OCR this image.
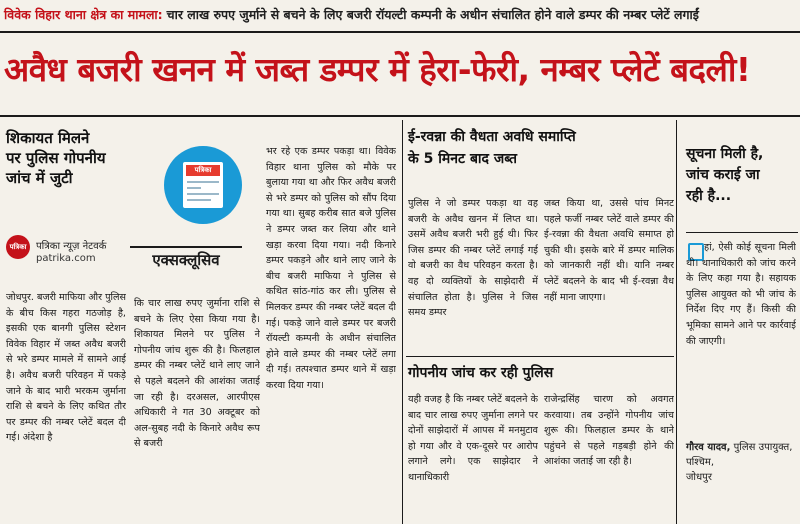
विवेक विहार थाना क्षेत्र का मामला: चार लाख रुपए जुर्माने से बचने के लिए बजरी रॉयल्टी कम्पनी के अधीन संचालित होने वाले डम्पर की नम्बर प्लेटें लगाईं
अवैध बजरी खनन में जब्त डम्पर में हेरा-फेरी, नम्बर प्लेटें बदली!
शिकायत मिलने
पर पुलिस गोपनीय
जांच में जुटी
पत्रिका पत्रिका न्यूज़ नेटवर्क
patrika.com
जोधपुर. बजरी माफिया और पुलिस के बीच किस गहरा गठजोड़ है, इसकी एक बानगी पुलिस स्टेशन विवेक विहार में जब्त अवैध बजरी से भरे डम्पर मामले में सामने आई है। अवैध बजरी परिवहन में पकड़े जाने के बाद भारी भरकम जुर्माना राशि से बचने के लिए कथित तौर पर डम्पर की नम्बर प्लेटें बदल दी गई। अंदेशा है
पत्रिका
एक्सक्लूसिव
कि चार लाख रुपए जुर्माना राशि से बचने के लिए ऐसा किया गया है। शिकायत मिलने पर पुलिस ने गोपनीय जांच शुरू की है। फिलहाल डम्पर की नम्बर प्लेटें थाने लाए जाने से पहले बदलने की आशंका जताई जा रही है। दरअसल, आरपीएस अधिकारी ने गत 30 अक्टूबर को अल-सुबह नदी के किनारे अवैध रूप से बजरी
भर रहे एक डम्पर पकड़ा था। विवेक विहार थाना पुलिस को मौके पर बुलाया गया था और फिर अवैध बजरी से भरे डम्पर को पुलिस को सौंप दिया गया था। सुबह करीब सात बजे पुलिस ने डम्पर जब्त कर लिया और थाने खड़ा करवा दिया गया। नदी किनारे डम्पर पकड़ने और थाने लाए जाने के बीच बजरी माफिया ने पुलिस से कथित सांठ-गांठ कर ली। पुलिस से मिलकर डम्पर की नम्बर प्लेटें बदल दी गई। पकड़े जाने वाले डम्पर पर बजरी रॉयल्टी कम्पनी के अधीन संचालित होने वाले डम्पर की नम्बर प्लेटें लगा दी गई। तत्पश्चात डम्पर थाने में खड़ा करवा दिया गया।
ई-रवन्ना की वैधता अवधि समाप्ति
के 5 मिनट बाद जब्त
पुलिस ने जो डम्पर पकड़ा था वह बजरी के अवैध खनन में लिप्त था। उसमें अवैध बजरी भरी हुई थी। फिर जिस डम्पर की नम्बर प्लेटें लगाई गई वो बजरी का वैध परिवहन करता है। वह दो व्यक्तियों के साझेदारी में संचालित होता है। पुलिस ने जिस समय डम्पर
जब्त किया था, उससे पांच मिनट पहले फर्जी नम्बर प्लेटें वाले डम्पर की ई-रवन्ना की वैधता अवधि समाप्त हो चुकी थी। इसके बारे में डम्पर मालिक को जानकारी नहीं थी। यानि नम्बर प्लेटें बदलने के बाद भी ई-रवन्ना वैध नहीं माना जाएगा।
गोपनीय जांच कर रही पुलिस
यही वजह है कि नम्बर प्लेटें बदलने के बाद चार लाख रुपए जुर्माना लगने पर दोनों साझेदारों में आपस में मनमुटाव हो गया और वे एक-दूसरे पर आरोप लगाने लगे। एक साझेदार ने थानाधिकारी
राजेन्द्रसिंह चारण को अवगत करवाया। तब उन्होंने गोपनीय जांच शुरू की। फिलहाल डम्पर के थाने पहुंचने से पहले गड़बड़ी होने की आशंका जताई जा रही है।
सूचना मिली है,
जांच कराई जा
रही है...
हां, ऐसी कोई सूचना मिली थी। थानाधिकारी को जांच करने के लिए कहा गया है। सहायक पुलिस आयुक्त को भी जांच के निर्देश दिए गए हैं। किसी की भूमिका सामने आने पर कार्रवाई की जाएगी।
गौरव यादव, पुलिस उपायुक्त, पश्चिम,
जोधपुर
